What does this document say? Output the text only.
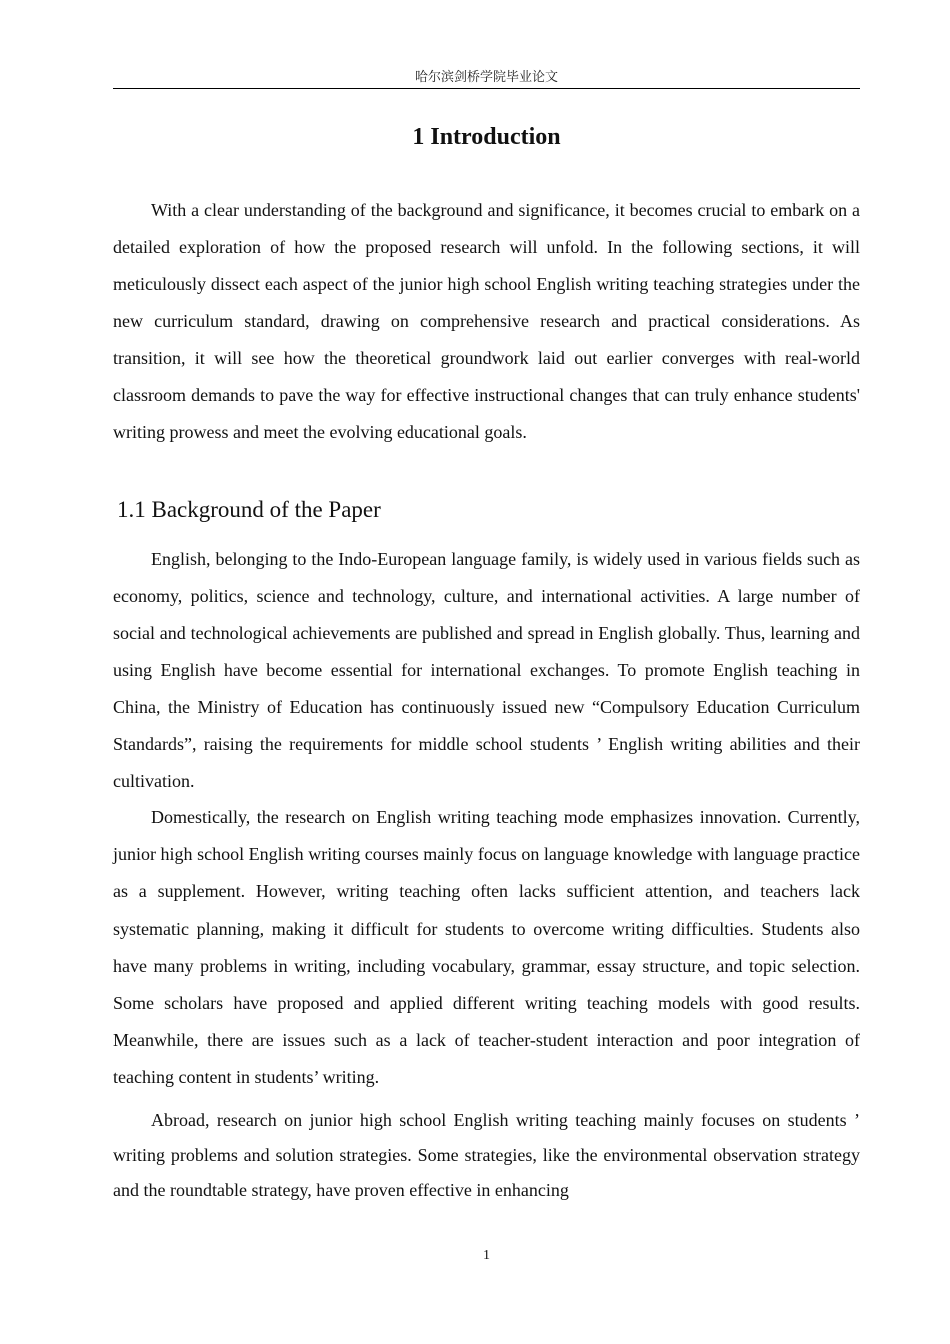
哈尔滨剑桥学院毕业论文
1 Introduction

With a clear understanding of the background and significance, it becomes crucial to embark on a detailed exploration of how the proposed research will unfold. In the following sections, it will meticulously dissect each aspect of the junior high school English writing teaching strategies under the new curriculum standard, drawing on comprehensive research and practical considerations. As transition, it will see how the theoretical groundwork laid out earlier converges with real-world classroom demands to pave the way for effective instructional changes that can truly enhance students' writing prowess and meet the evolving educational goals.

1.1 Background of the Paper

English, belonging to the Indo-European language family, is widely used in various fields such as economy, politics, science and technology, culture, and international activities. A large number of social and technological achievements are published and spread in English globally. Thus, learning and using English have become essential for international exchanges. To promote English teaching in China, the Ministry of Education has continuously issued new “Compulsory Education Curriculum Standards”, raising the requirements for middle school students ’ English writing abilities and their cultivation.

Domestically, the research on English writing teaching mode emphasizes innovation. Currently, junior high school English writing courses mainly focus on language knowledge with language practice as a supplement. However, writing teaching often lacks sufficient attention, and teachers lack systematic planning, making it difficult for students to overcome writing difficulties. Students also have many problems in writing, including vocabulary, grammar, essay structure, and topic selection. Some scholars have proposed and applied different writing teaching models with good results. Meanwhile, there are issues such as a lack of teacher-student interaction and poor integration of teaching content in students’ writing.

Abroad, research on junior high school English writing teaching mainly focuses on students ’ writing problems and solution strategies. Some strategies, like the environmental observation strategy and the roundtable strategy, have proven effective in enhancing

1
